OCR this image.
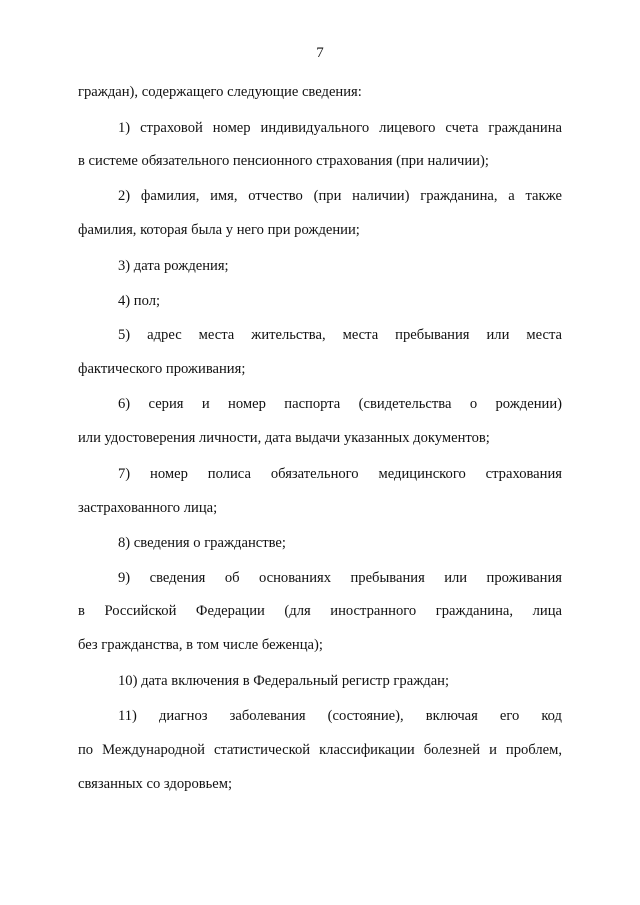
7
граждан), содержащего следующие сведения:
1) страховой номер индивидуального лицевого счета гражданина
в системе обязательного пенсионного страхования (при наличии);
2) фамилия, имя, отчество (при наличии) гражданина, а также
фамилия, которая была у него при рождении;
3) дата рождения;
4) пол;
5) адрес места жительства, места пребывания или места
фактического проживания;
6) серия и номер паспорта (свидетельства о рождении)
или удостоверения личности, дата выдачи указанных документов;
7) номер полиса обязательного медицинского страхования
застрахованного лица;
8) сведения о гражданстве;
9) сведения об основаниях пребывания или проживания
в Российской Федерации (для иностранного гражданина, лица
без гражданства, в том числе беженца);
10) дата включения в Федеральный регистр граждан;
11) диагноз заболевания (состояние), включая его код
по Международной статистической классификации болезней и проблем,
связанных со здоровьем;
